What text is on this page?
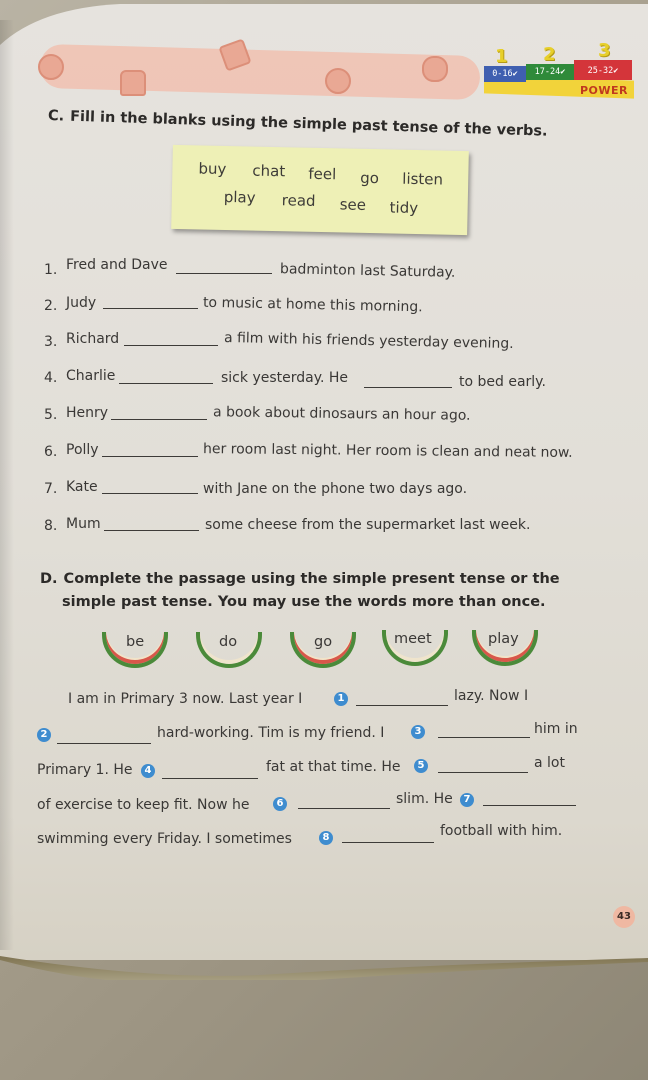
0-16✔	17-24✔	25-32✔
1 2 3
POWER
C. Fill in the blanks using the simple past tense of the verbs.
buy chat feel go listen
play read see tidy
1. Fred and Dave	badminton last Saturday.
2. Judy	to music at home this morning.
3. Richard	a film with his friends yesterday evening.
4. Charlie	sick yesterday. He	to bed early.
5. Henry	a book about dinosaurs an hour ago.
6. Polly	her room last night. Her room is clean and neat now.
7. Kate	with Jane on the phone two days ago.
8. Mum	some cheese from the supermarket last week.
D. Complete the passage using the simple present tense or the
simple past tense. You may use the words more than once.
be	do	go	meet	play
I am in Primary 3 now. Last year I	1	lazy. Now I
2	hard-working. Tim is my friend. I	3	him in
Primary 1. He	4	fat at that time. He	5	a lot
of exercise to keep fit. Now he	6	slim. He	7
swimming every Friday. I sometimes	8	football with him.
43
